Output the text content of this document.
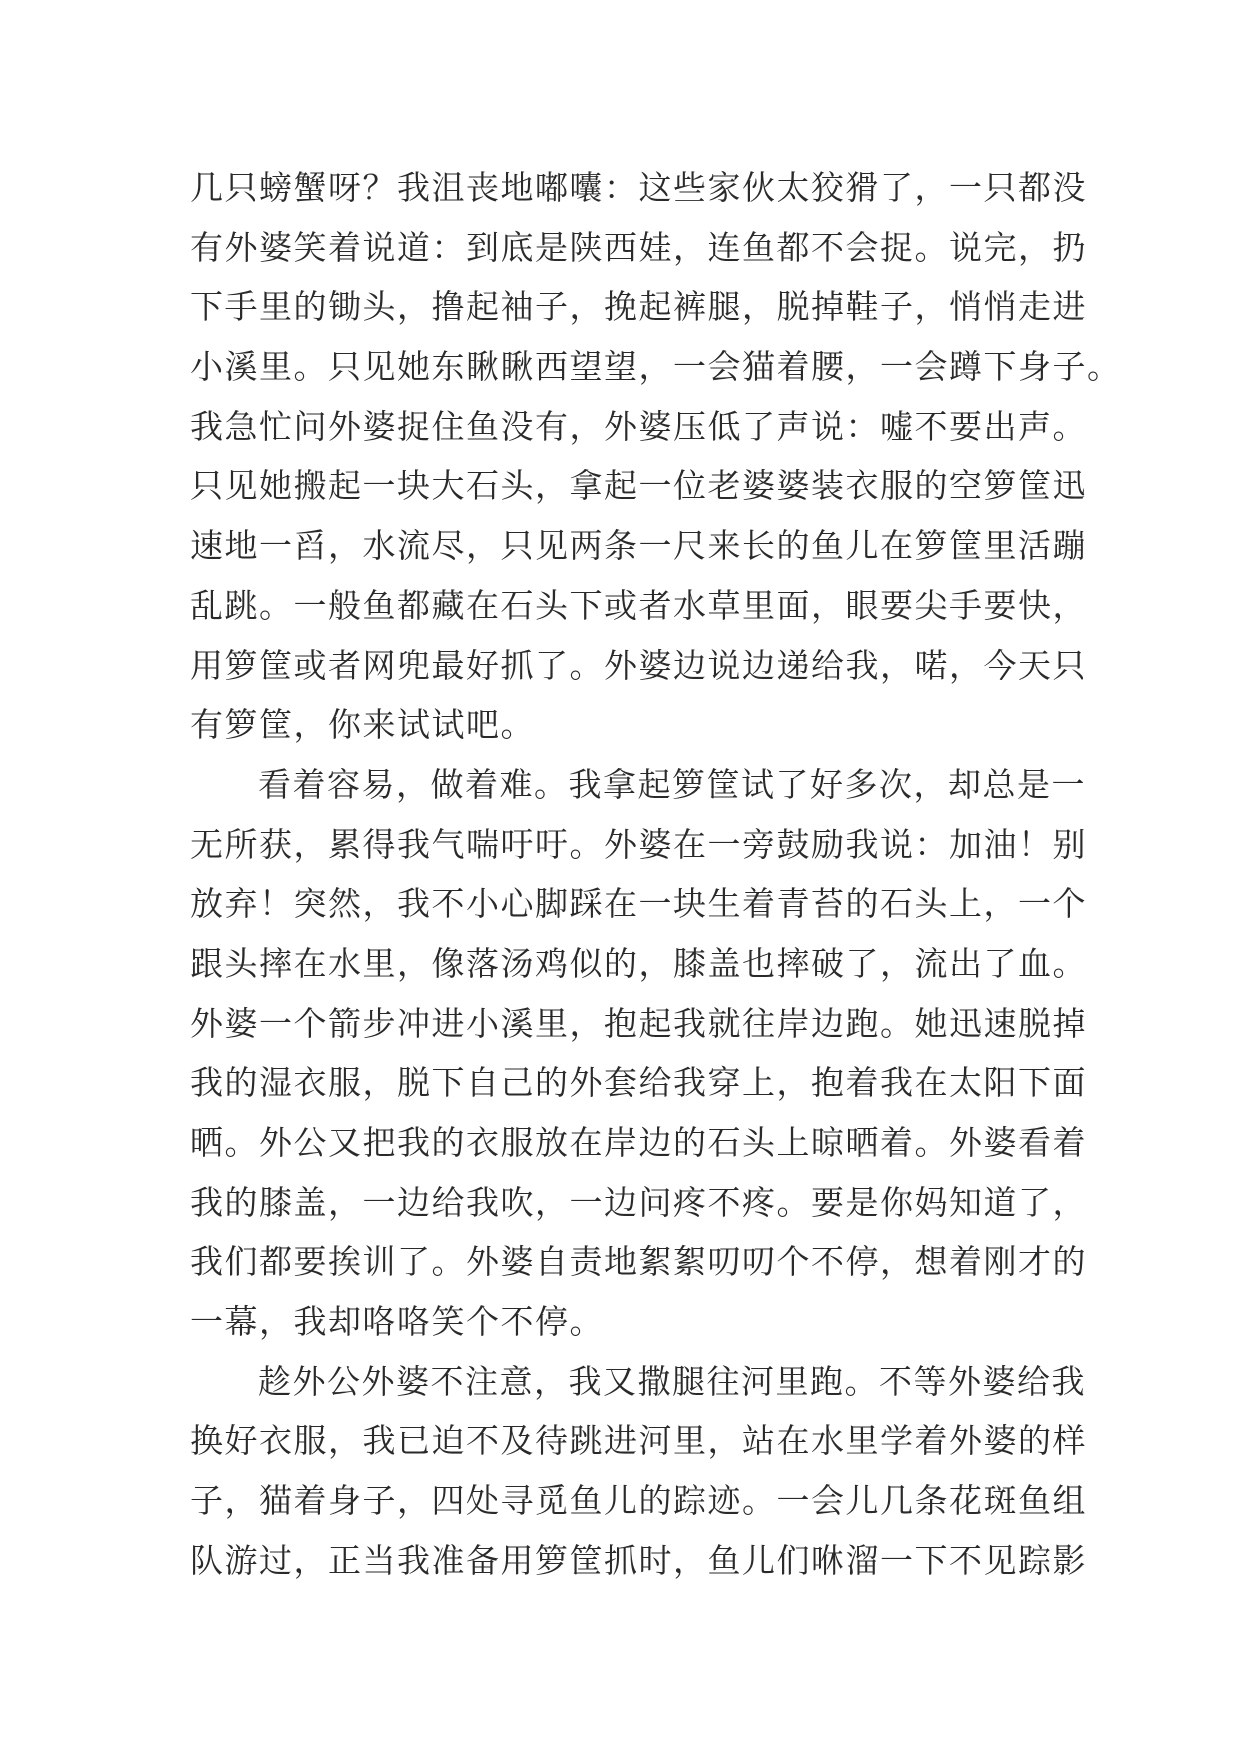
几只螃蟹呀？我沮丧地嘟囔：这些家伙太狡猾了，一只都没
有外婆笑着说道：到底是陕西娃，连鱼都不会捉。说完，扔
下手里的锄头，撸起袖子，挽起裤腿，脱掉鞋子，悄悄走进
小溪里。只见她东瞅瞅西望望，一会猫着腰，一会蹲下身子。
我急忙问外婆捉住鱼没有，外婆压低了声说：嘘不要出声。
只见她搬起一块大石头，拿起一位老婆婆装衣服的空箩筐迅
速地一舀，水流尽，只见两条一尺来长的鱼儿在箩筐里活蹦
乱跳。一般鱼都藏在石头下或者水草里面，眼要尖手要快，
用箩筐或者网兜最好抓了。外婆边说边递给我，喏，今天只
有箩筐，你来试试吧。
看着容易，做着难。我拿起箩筐试了好多次，却总是一
无所获，累得我气喘吁吁。外婆在一旁鼓励我说：加油！别
放弃！突然，我不小心脚踩在一块生着青苔的石头上，一个
跟头摔在水里，像落汤鸡似的，膝盖也摔破了，流出了血。
外婆一个箭步冲进小溪里，抱起我就往岸边跑。她迅速脱掉
我的湿衣服，脱下自己的外套给我穿上，抱着我在太阳下面
晒。外公又把我的衣服放在岸边的石头上晾晒着。外婆看着
我的膝盖，一边给我吹，一边问疼不疼。要是你妈知道了，
我们都要挨训了。外婆自责地絮絮叨叨个不停，想着刚才的
一幕，我却咯咯笑个不停。
趁外公外婆不注意，我又撒腿往河里跑。不等外婆给我
换好衣服，我已迫不及待跳进河里，站在水里学着外婆的样
子，猫着身子，四处寻觅鱼儿的踪迹。一会儿几条花斑鱼组
队游过，正当我准备用箩筐抓时，鱼儿们咻溜一下不见踪影
